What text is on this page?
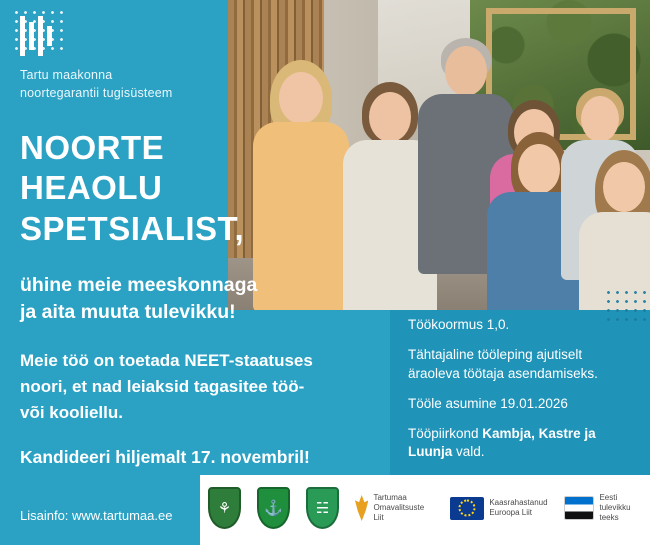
Tartu maakonna
noortegarantii tugisüsteem
NOORTE
HEAOLU
SPETSIALIST,
ühine meie meeskonnaga
ja aita muuta tulevikku!
Meie töö on toetada NEET-staatuses
noori, et nad leiaksid tagasitee töö-
või kooliellu.
Kandideeri hiljemalt 17. novembril!
Töökoormus 1,0.
Tähtajaline tööleping ajutiselt
äraoleva töötaja asendamiseks.
Tööle asumine 19.01.2026
Tööpiirkond Kambja, Kastre ja
Luunja vald.
Lisainfo: www.tartumaa.ee	⚘ ⚓ ☵
Tartumaa
Omavalitsuste Liit
Kaasrahastanud
Euroopa Liit
Eesti
tulevikku teeks
